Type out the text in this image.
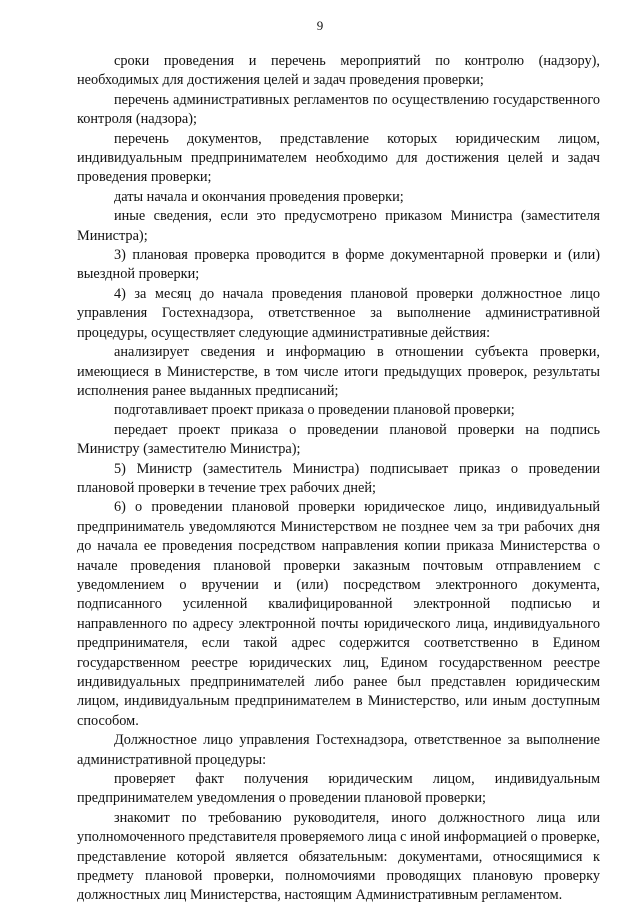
9

сроки проведения и перечень мероприятий по контролю (надзору), необходимых для достижения целей и задач проведения проверки;

перечень административных регламентов по осуществлению государственного контроля (надзора);

перечень документов, представление которых юридическим лицом, индивидуальным предпринимателем необходимо для достижения целей и задач проведения проверки;

даты начала и окончания проведения проверки;

иные сведения, если это предусмотрено приказом Министра (заместителя Министра);

3) плановая проверка проводится в форме документарной проверки и (или) выездной проверки;

4) за месяц до начала проведения плановой проверки должностное лицо управления Гостехнадзора, ответственное за выполнение административной процедуры, осуществляет следующие административные действия:

анализирует сведения и информацию в отношении субъекта проверки, имеющиеся в Министерстве, в том числе итоги предыдущих проверок, результаты исполнения ранее выданных предписаний;

подготавливает проект приказа о проведении плановой проверки;

передает проект приказа о проведении плановой проверки на подпись Министру (заместителю Министра);

5) Министр (заместитель Министра) подписывает приказ о проведении плановой проверки в течение трех рабочих дней;

6) о проведении плановой проверки юридическое лицо, индивидуальный предприниматель уведомляются Министерством не позднее чем за три рабочих дня до начала ее проведения посредством направления копии приказа Министерства о начале проведения плановой проверки заказным почтовым отправлением с уведомлением о вручении и (или) посредством электронного документа, подписанного усиленной квалифицированной электронной подписью и направленного по адресу электронной почты юридического лица, индивидуального предпринимателя, если такой адрес содержится соответственно в Едином государственном реестре юридических лиц, Едином государственном реестре индивидуальных предпринимателей либо ранее был представлен юридическим лицом, индивидуальным предпринимателем в Министерство, или иным доступным способом.

Должностное лицо управления Гостехнадзора, ответственное за выполнение административной процедуры:

проверяет факт получения юридическим лицом, индивидуальным предпринимателем уведомления о проведении плановой проверки;

знакомит по требованию руководителя, иного должностного лица или уполномоченного представителя проверяемого лица с иной информацией о проверке, представление которой является обязательным: документами, относящимися к предмету плановой проверки, полномочиями проводящих плановую проверку должностных лиц Министерства, настоящим Административным регламентом.
